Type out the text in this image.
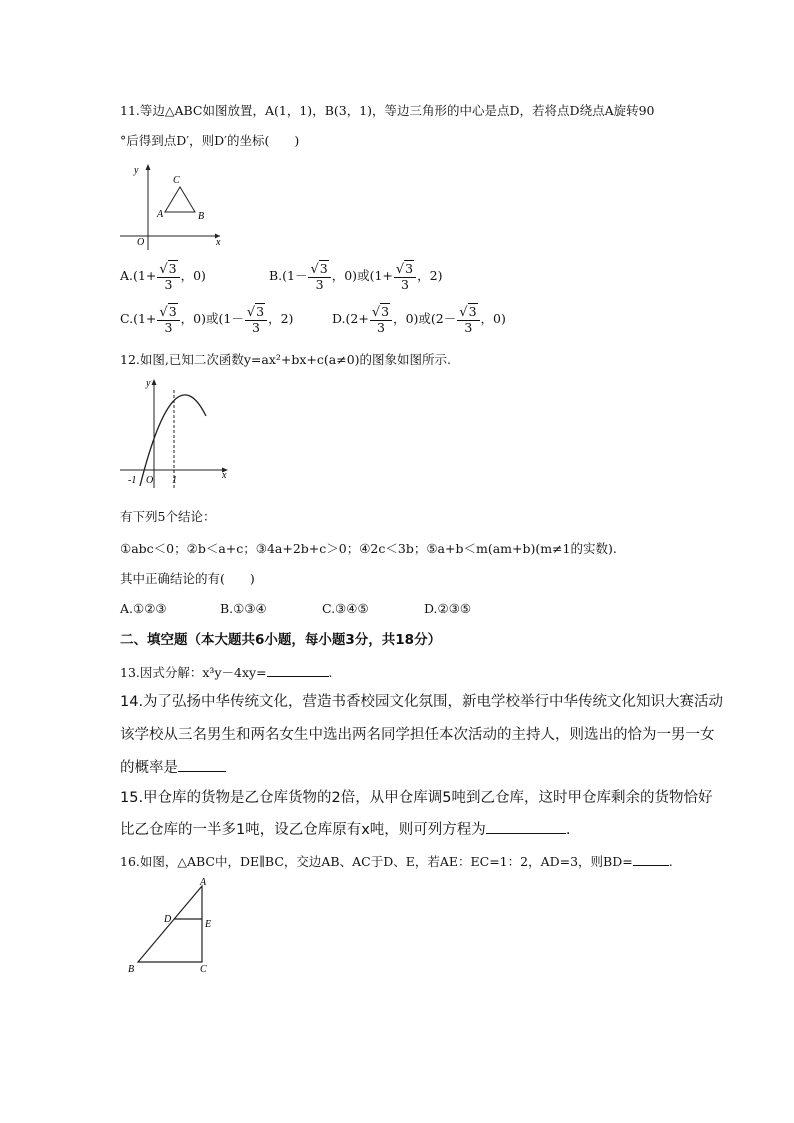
11.等边△ABC如图放置，A(1，1)，B(3，1)，等边三角形的中心是点D，若将点D绕点A旋转90
°后得到点D′，则D′的坐标(　　)
y
C
A	B
O	x
$A.(1+ \frac{√3}{3}$ ，0)	$B.(1- \frac{√3}{3}$ ，0)或($1+ \frac{√3}{3}$ ，2)
$C.(1+ \frac{√3}{3}$ ，0)或($1- \frac{√3}{3}$ ，2)	$D.(2+ \frac{√3}{3}$ ，0)或($2- \frac{√3}{3}$ ，0)
12.如图,已知二次函数y=ax²+bx+c(a≠0)的图象如图所示.
y
x
-1 O 1
有下列5个结论：
①abc＜0；②b＜a+c；③4a+2b+c＞0；④2c＜3b；⑤a+b＜m(am+b)(m≠1的实数).
其中正确结论的有(　　)
A.①②③	B.①③④	C.③④⑤	D.②③⑤
二、填空题（本大题共6小题，每小题3分，共18分）
13.因式分解：x³y－4xy=	.
14.为了弘扬中华传统文化，营造书香校园文化氛围，新电学校举行中华传统文化知识大赛活动
该学校从三名男生和两名女生中选出两名同学担任本次活动的主持人，则选出的恰为一男一女
的概率是
15.甲仓库的货物是乙仓库货物的2倍，从甲仓库调5吨到乙仓库，这时甲仓库剩余的货物恰好
比乙仓库的一半多1吨，设乙仓库原有x吨，则可列方程为	.
16.如图，△ABC中，DE∥BC，交边AB、AC于D、E，若AE：EC=1：2，AD=3，则BD=	.
A
D	E
B	C
